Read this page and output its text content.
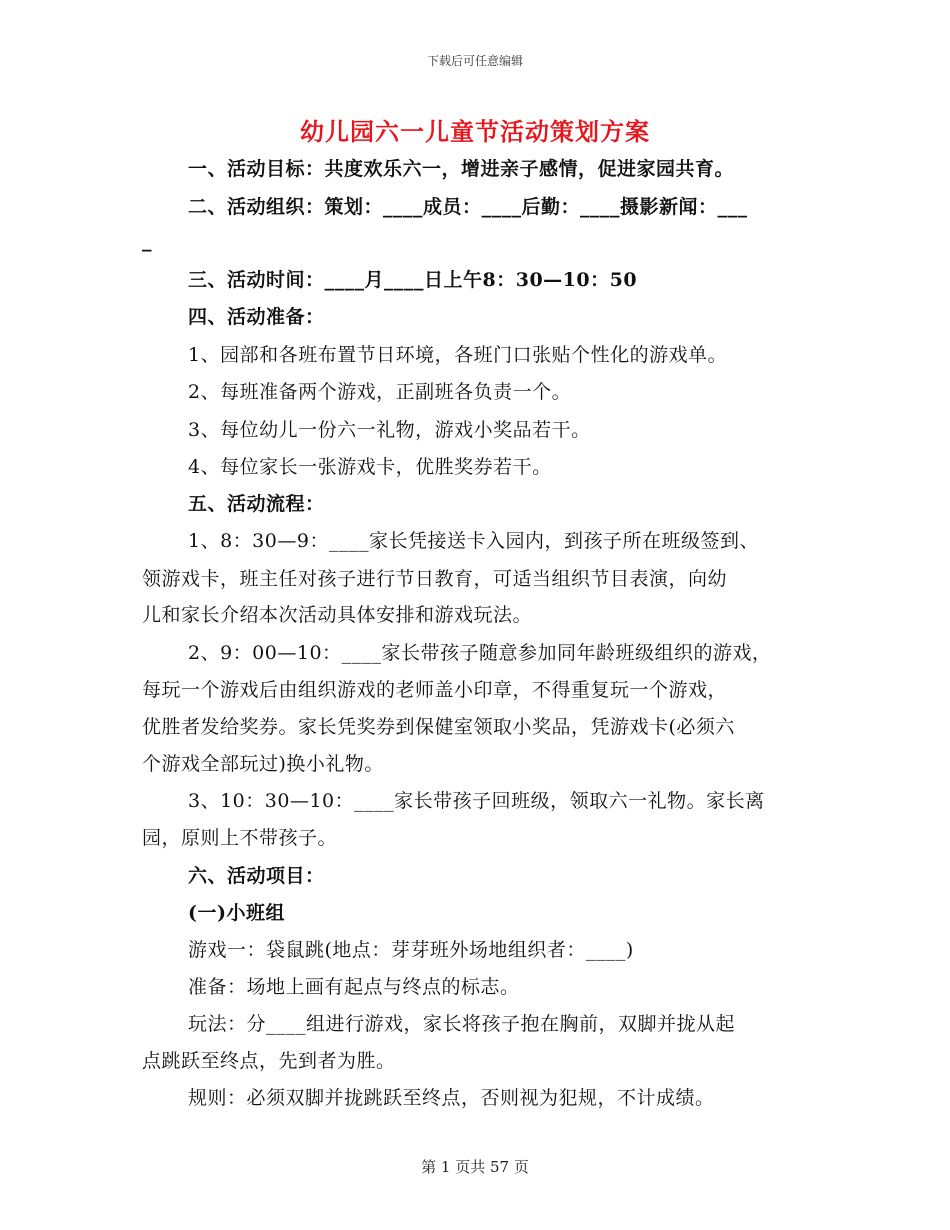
下载后可任意编辑
幼儿园六一儿童节活动策划方案
一、活动目标：共度欢乐六一，增进亲子感情，促进家园共育。
二、活动组织：策划：____成员：____后勤：____摄影新闻：___
_
三、活动时间：____月____日上午8：30—10：50
四、活动准备：
1、园部和各班布置节日环境，各班门口张贴个性化的游戏单。
2、每班准备两个游戏，正副班各负责一个。
3、每位幼儿一份六一礼物，游戏小奖品若干。
4、每位家长一张游戏卡，优胜奖券若干。
五、活动流程：
1、8：30—9：____家长凭接送卡入园内，到孩子所在班级签到、
领游戏卡，班主任对孩子进行节日教育，可适当组织节目表演，向幼
儿和家长介绍本次活动具体安排和游戏玩法。
2、9：00—10：____家长带孩子随意参加同年龄班级组织的游戏，
每玩一个游戏后由组织游戏的老师盖小印章，不得重复玩一个游戏，
优胜者发给奖券。家长凭奖券到保健室领取小奖品，凭游戏卡(必须六
个游戏全部玩过)换小礼物。
3、10：30—10：____家长带孩子回班级，领取六一礼物。家长离
园，原则上不带孩子。
六、活动项目：
(一)小班组
游戏一：袋鼠跳(地点：芽芽班外场地组织者：____)
准备：场地上画有起点与终点的标志。
玩法：分____组进行游戏，家长将孩子抱在胸前，双脚并拢从起
点跳跃至终点，先到者为胜。
规则：必须双脚并拢跳跃至终点，否则视为犯规，不计成绩。
第 1 页共 57 页
